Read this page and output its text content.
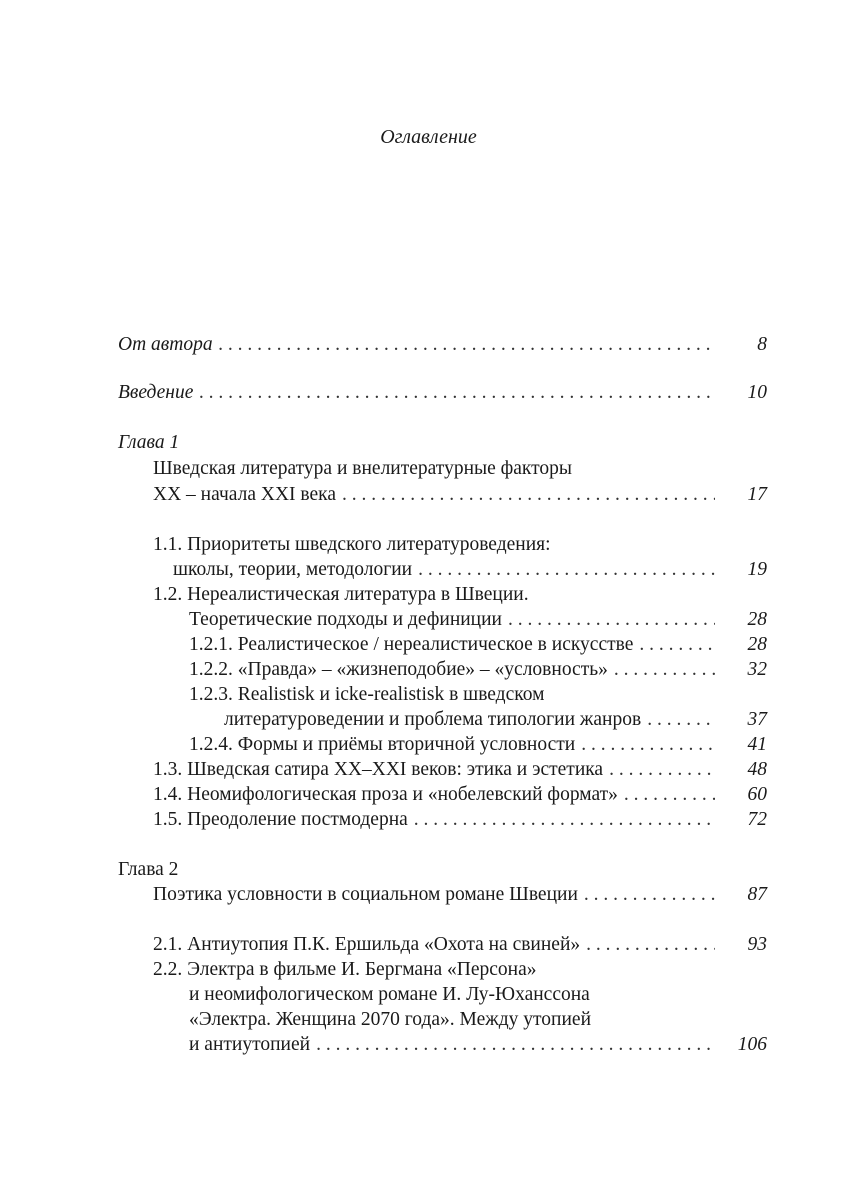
Оглавление
От автора . . .	8
Введение . . .	10
Глава 1
Шведская литература и внелитературные факторы
XX – начала XXI века . . .	17
1.1. Приоритеты шведского литературоведения:
школы, теории, методологии . . .	19
1.2. Нереалистическая литература в Швеции.
Теоретические подходы и дефиниции . . .	28
1.2.1. Реалистическое / нереалистическое в искусстве . . .	28
1.2.2. «Правда» – «жизнеподобие» – «условность» . . .	32
1.2.3. Realistisk и icke-realistisk в шведском
литературоведении и проблема типологии жанров . . .	37
1.2.4. Формы и приёмы вторичной условности . . .	41
1.3. Шведская сатира XX–XXI веков: этика и эстетика . . .	48
1.4. Неомифологическая проза и «нобелевский формат» . . .	60
1.5. Преодоление постмодерна . . .	72
Глава 2
Поэтика условности в социальном романе Швеции . . .	87
2.1. Антиутопия П.К. Ершильда «Охота на свиней» . . .	93
2.2. Электра в фильме И. Бергмана «Персона»
и неомифологическом романе И. Лу-Юханссона
«Электра. Женщина 2070 года». Между утопией
и антиутопией . . .	106
